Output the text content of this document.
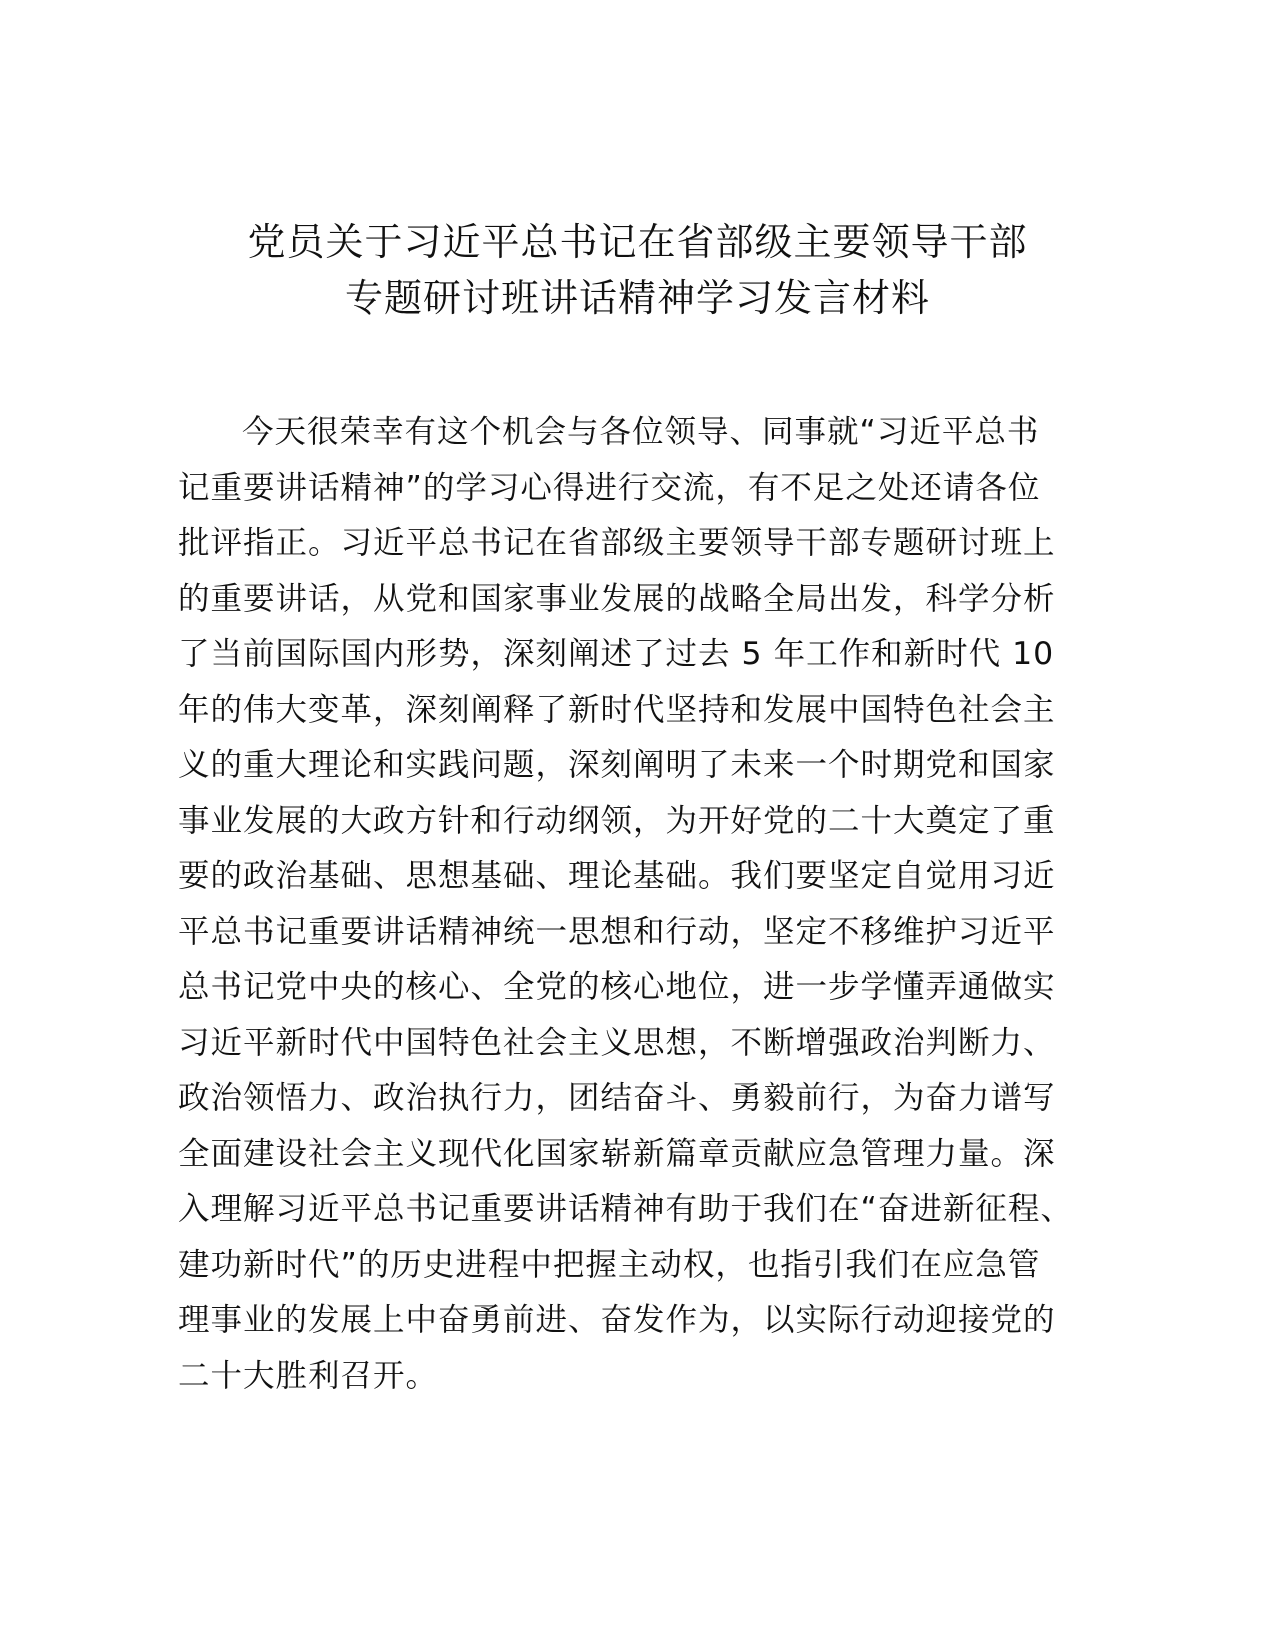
党员关于习近平总书记在省部级主要领导干部
专题研讨班讲话精神学习发言材料
今天很荣幸有这个机会与各位领导、同事就“习近平总书
记重要讲话精神”的学习心得进行交流，有不足之处还请各位
批评指正。习近平总书记在省部级主要领导干部专题研讨班上
的重要讲话，从党和国家事业发展的战略全局出发，科学分析
了当前国际国内形势，深刻阐述了过去 5 年工作和新时代 10
年的伟大变革，深刻阐释了新时代坚持和发展中国特色社会主
义的重大理论和实践问题，深刻阐明了未来一个时期党和国家
事业发展的大政方针和行动纲领，为开好党的二十大奠定了重
要的政治基础、思想基础、理论基础。我们要坚定自觉用习近
平总书记重要讲话精神统一思想和行动，坚定不移维护习近平
总书记党中央的核心、全党的核心地位，进一步学懂弄通做实
习近平新时代中国特色社会主义思想，不断增强政治判断力、
政治领悟力、政治执行力，团结奋斗、勇毅前行，为奋力谱写
全面建设社会主义现代化国家崭新篇章贡献应急管理力量。深
入理解习近平总书记重要讲话精神有助于我们在“奋进新征程、
建功新时代”的历史进程中把握主动权，也指引我们在应急管
理事业的发展上中奋勇前进、奋发作为，以实际行动迎接党的
二十大胜利召开。
